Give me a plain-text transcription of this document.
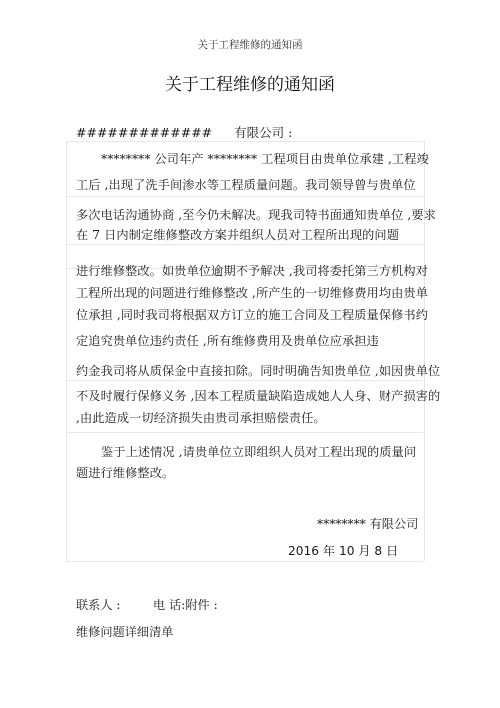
关于工程维修的通知函
关于工程维修的通知函
############# 有限公司 :
******** 公司年产 ******** 工程项目由贵单位承建 ,工程竣
工后 ,出现了洗手间渗水等工程质量问题。我司领导曾与贵单位
多次电话沟通协商 ,至今仍未解决。现我司特书面通知贵单位 ,要求
在 7 日内制定维修整改方案并组织人员对工程所出现的问题
进行维修整改。如贵单位逾期不予解决 ,我司将委托第三方机构对
工程所出现的问题进行维修整改 ,所产生的一切维修费用均由贵单
位承担 ,同时我司将根据双方订立的施工合同及工程质量保修书约
定追究贵单位违约责任 ,所有维修费用及贵单位应承担违
约金我司将从质保金中直接扣除。同时明确告知贵单位 ,如因贵单位
不及时履行保修义务 ,因本工程质量缺陷造成她人人身、财产损害的
,由此造成一切经济损失由贵司承担赔偿责任。
鉴于上述情况 ,请贵单位立即组织人员对工程出现的质量问
题进行维修整改。
******** 有限公司
2016 年 10 月 8 日
联系人 :	电 话:附件 :
维修问题详细清单
